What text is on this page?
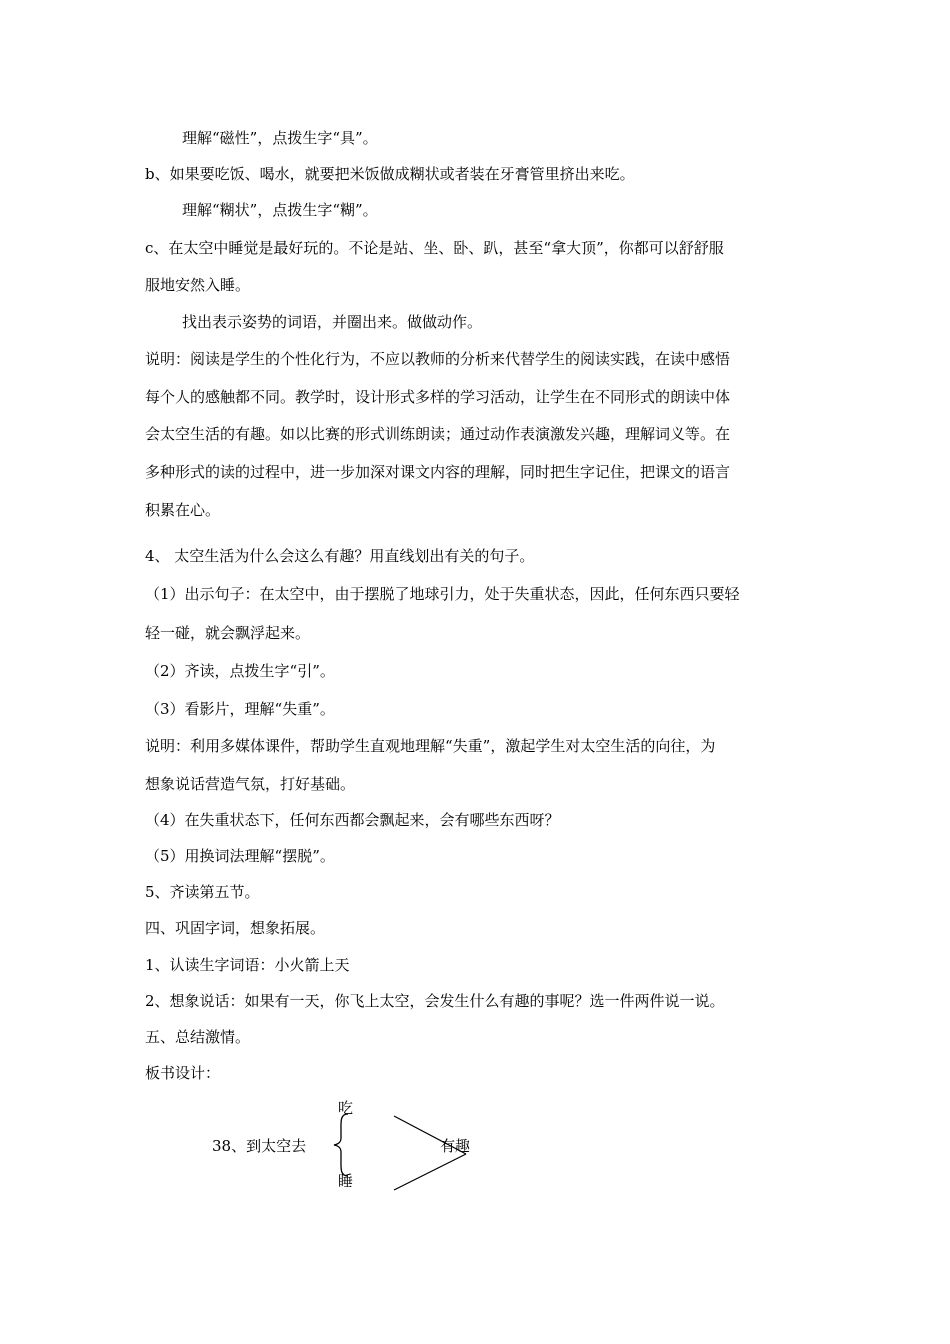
理解“磁性”，点拨生字“具”。
b、如果要吃饭、喝水，就要把米饭做成糊状或者装在牙膏管里挤出来吃。
理解“糊状”，点拨生字“糊”。
c、在太空中睡觉是最好玩的。不论是站、坐、卧、趴，甚至“拿大顶”，你都可以舒舒服
服地安然入睡。
找出表示姿势的词语，并圈出来。做做动作。
说明：阅读是学生的个性化行为，不应以教师的分析来代替学生的阅读实践，在读中感悟
每个人的感触都不同。教学时，设计形式多样的学习活动，让学生在不同形式的朗读中体
会太空生活的有趣。如以比赛的形式训练朗读；通过动作表演激发兴趣，理解词义等。在
多种形式的读的过程中，进一步加深对课文内容的理解，同时把生字记住，把课文的语言
积累在心。
4、 太空生活为什么会这么有趣？用直线划出有关的句子。
（1）出示句子：在太空中，由于摆脱了地球引力，处于失重状态，因此，任何东西只要轻
轻一碰，就会飘浮起来。
（2）齐读，点拨生字“引”。
（3）看影片，理解“失重”。
说明：利用多媒体课件，帮助学生直观地理解“失重”，激起学生对太空生活的向往，为
想象说话营造气氛，打好基础。
（4）在失重状态下，任何东西都会飘起来，会有哪些东西呀？
（5）用换词法理解“摆脱”。
5、齐读第五节。
四、巩固字词，想象拓展。
1、认读生字词语：小火箭上天
2、想象说话：如果有一天，你飞上太空，会发生什么有趣的事呢？选一件两件说一说。
五、总结激情。
板书设计：
38、到太空去
吃
睡
有趣
